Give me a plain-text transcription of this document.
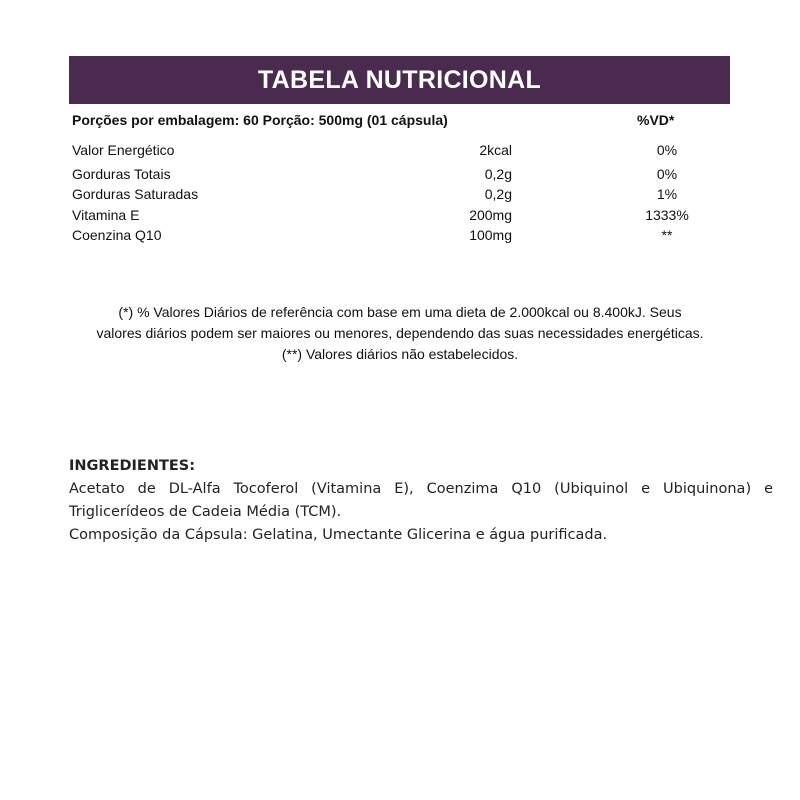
TABELA NUTRICIONAL
Porções por embalagem: 60 Porção: 500mg (01 cápsula)	%VD*
Valor Energético	2kcal	0%
Gorduras Totais	0,2g	0%
Gorduras Saturadas	0,2g	1%
Vitamina E	200mg	1333%
Coenzina Q10	100mg	**

(*) % Valores Diários de referência com base em uma dieta de 2.000kcal ou 8.400kJ. Seus

valores diários podem ser maiores ou menores, dependendo das suas necessidades energéticas.

(**) Valores diários não estabelecidos.

INGREDIENTES:

Acetato de DL-Alfa Tocoferol (Vitamina E), Coenzima Q10 (Ubiquinol e Ubiquinona) e Triglicerídeos de Cadeia Média (TCM).

Composição da Cápsula: Gelatina, Umectante Glicerina e água purificada.
